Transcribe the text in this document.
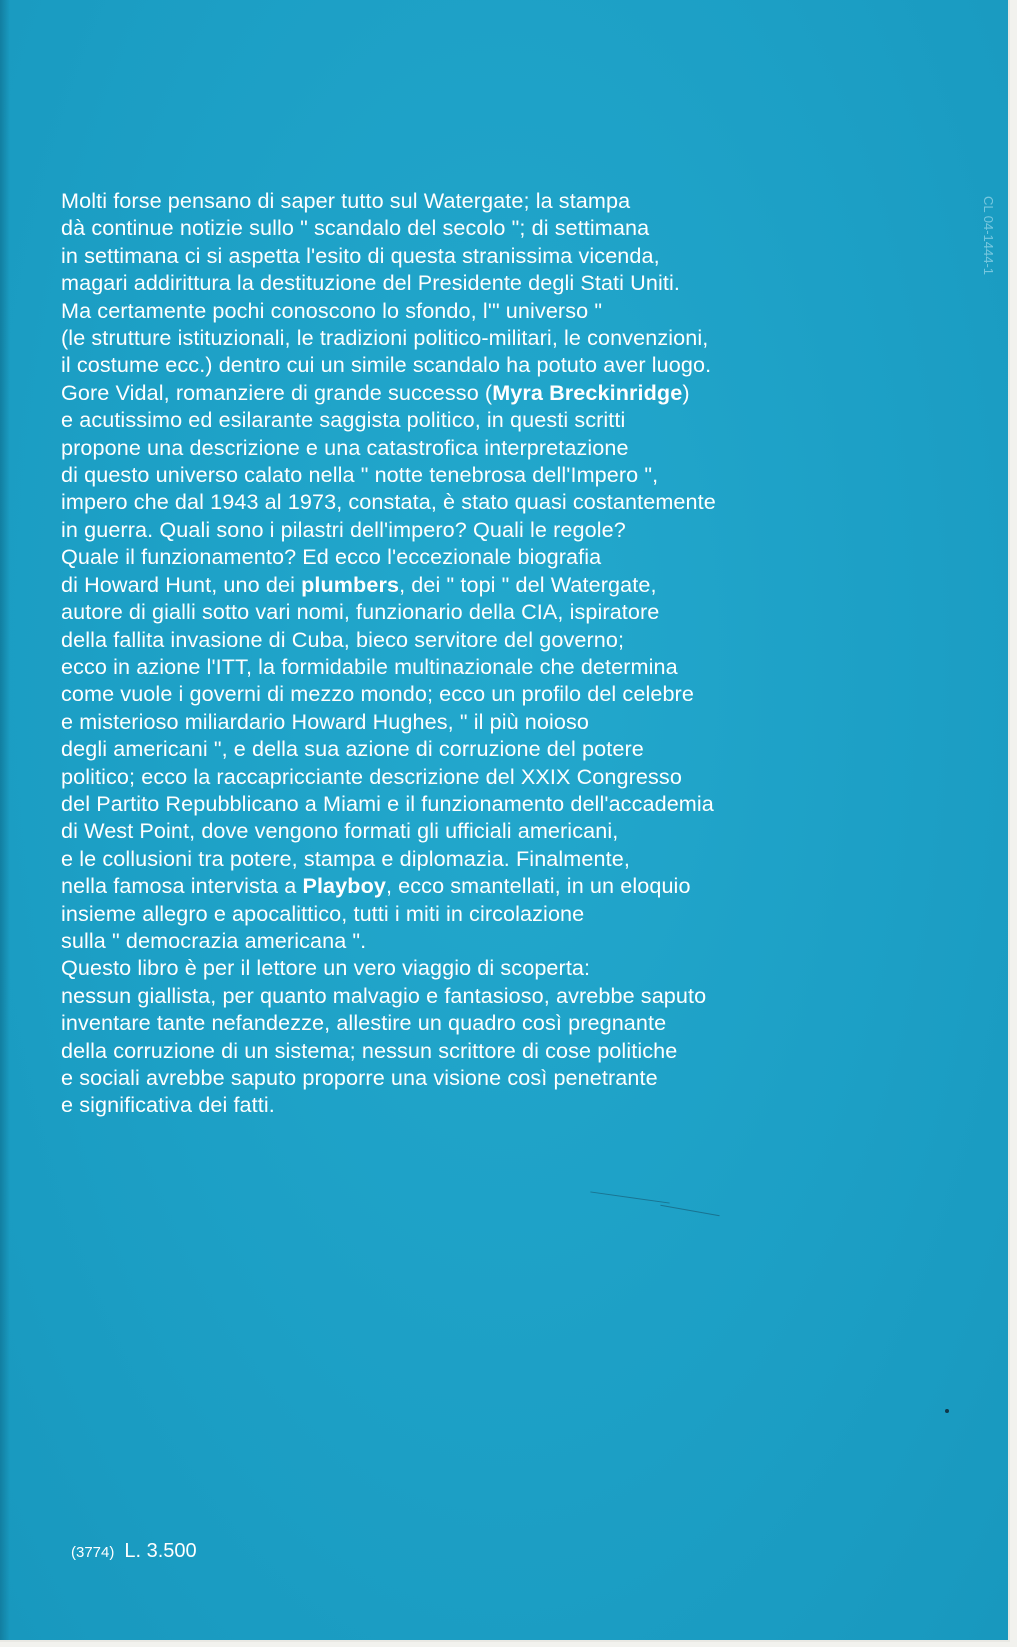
CL 04-1444-1
Molti forse pensano di saper tutto sul Watergate; la stampa
dà continue notizie sullo " scandalo del secolo "; di settimana
in settimana ci si aspetta l'esito di questa stranissima vicenda,
magari addirittura la destituzione del Presidente degli Stati Uniti.
Ma certamente pochi conoscono lo sfondo, l'" universo "
(le strutture istituzionali, le tradizioni politico-militari, le convenzioni,
il costume ecc.) dentro cui un simile scandalo ha potuto aver luogo.
Gore Vidal, romanziere di grande successo (Myra Breckinridge)
e acutissimo ed esilarante saggista politico, in questi scritti
propone una descrizione e una catastrofica interpretazione
di questo universo calato nella " notte tenebrosa dell'Impero ",
impero che dal 1943 al 1973, constata, è stato quasi costantemente
in guerra. Quali sono i pilastri dell'impero? Quali le regole?
Quale il funzionamento? Ed ecco l'eccezionale biografia
di Howard Hunt, uno dei plumbers, dei " topi " del Watergate,
autore di gialli sotto vari nomi, funzionario della CIA, ispiratore
della fallita invasione di Cuba, bieco servitore del governo;
ecco in azione l'ITT, la formidabile multinazionale che determina
come vuole i governi di mezzo mondo; ecco un profilo del celebre
e misterioso miliardario Howard Hughes, " il più noioso
degli americani ", e della sua azione di corruzione del potere
politico; ecco la raccapricciante descrizione del XXIX Congresso
del Partito Repubblicano a Miami e il funzionamento dell'accademia
di West Point, dove vengono formati gli ufficiali americani,
e le collusioni tra potere, stampa e diplomazia. Finalmente,
nella famosa intervista a Playboy, ecco smantellati, in un eloquio
insieme allegro e apocalittico, tutti i miti in circolazione
sulla " democrazia americana ".
Questo libro è per il lettore un vero viaggio di scoperta:
nessun giallista, per quanto malvagio e fantasioso, avrebbe saputo
inventare tante nefandezze, allestire un quadro così pregnante
della corruzione di un sistema; nessun scrittore di cose politiche
e sociali avrebbe saputo proporre una visione così penetrante
e significativa dei fatti.
(3774) L. 3.500
